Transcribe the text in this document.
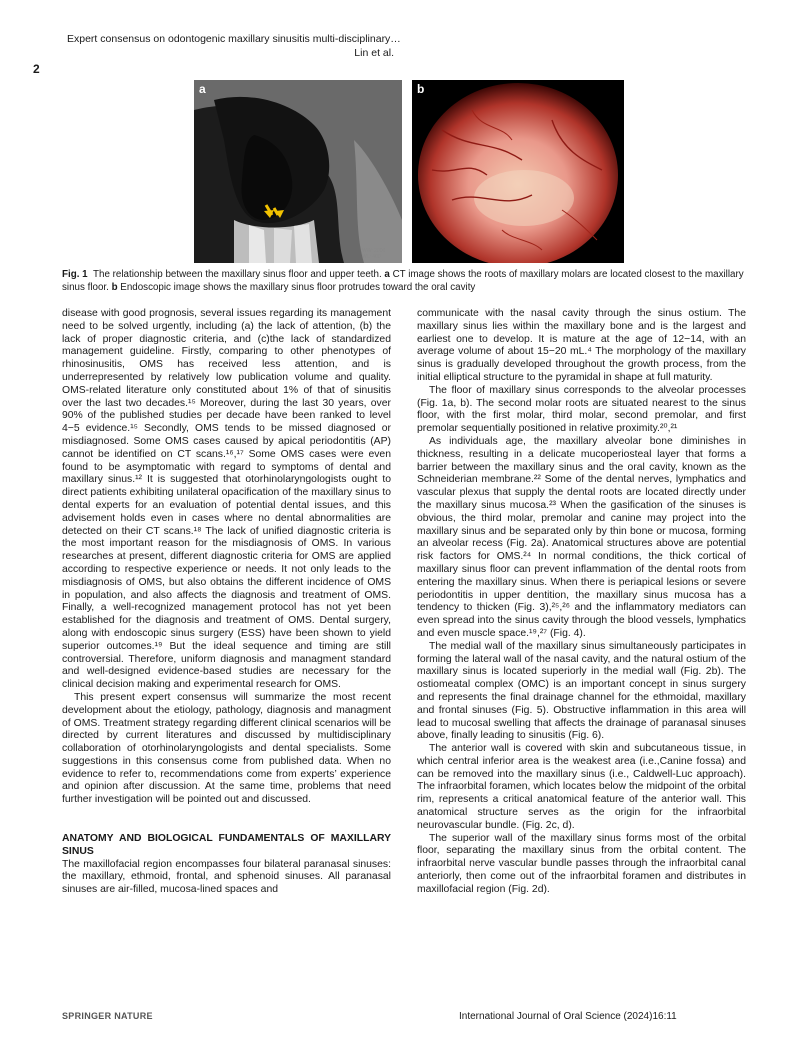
Expert consensus on odontogenic maxillary sinusitis multi-disciplinary…
Lin et al.
2
WW: 2000
WL: 400
a	b
Fig. 1 The relationship between the maxillary sinus floor and upper teeth. a CT image shows the roots of maxillary molars are located closest to the maxillary sinus floor. b Endoscopic image shows the maxillary sinus floor protrudes toward the oral cavity

disease with good prognosis, several issues regarding its management need to be solved urgently, including (a) the lack of attention, (b) the lack of proper diagnostic criteria, and (c)the lack of standardized management guideline. Firstly, comparing to other phenotypes of rhinosinusitis, OMS has received less attention, and is underrepresented by relatively low publication volume and quality. OMS-related literature only constituted about 1% of that of sinusitis over the last two decades.¹⁵ Moreover, during the last 30 years, over 90% of the published studies per decade have been ranked to level 4−5 evidence.¹⁵ Secondly, OMS tends to be missed diagnosed or misdiagnosed. Some OMS cases caused by apical periodontitis (AP) cannot be identified on CT scans.¹⁶,¹⁷ Some OMS cases were even found to be asymptomatic with regard to symptoms of dental and maxillary sinus.¹² It is suggested that otorhinolaryngologists ought to direct patients exhibiting unilateral opacification of the maxillary sinus to dental experts for an evaluation of potential dental issues, and this advisement holds even in cases where no dental abnormalities are detected on their CT scans.¹⁸ The lack of unified diagnostic criteria is the most important reason for the misdiagnosis of OMS. In various researches at present, different diagnostic criteria for OMS are applied according to respective experience or needs. It not only leads to the misdiagnosis of OMS, but also obtains the different incidence of OMS in population, and also affects the diagnosis and treatment of OMS. Finally, a well-recognized management protocol has not yet been established for the diagnosis and treatment of OMS. Dental surgery, along with endoscopic sinus surgery (ESS) have been shown to yield superior outcomes.¹⁹ But the ideal sequence and timing are still controversial. Therefore, uniform diagnosis and managment standard and well-designed evidence-based studies are necessary for the clinical decision making and experimental research for OMS.

This present expert consensus will summarize the most recent development about the etiology, pathology, diagnosis and managment of OMS. Treatment strategy regarding different clinical scenarios will be directed by current literatures and discussed by multidisciplinary collaboration of otorhinolaryngologists and dental specialists. Some suggestions in this consensus come from published data. When no evidence to refer to, recommendations come from experts’ experience and opinion after discussion. At the same time, problems that need further investigation will be pointed out and discussed.

ANATOMY AND BIOLOGICAL FUNDAMENTALS OF MAXILLARY SINUS

The maxillofacial region encompasses four bilateral paranasal sinuses: the maxillary, ethmoid, frontal, and sphenoid sinuses. All paranasal sinuses are air-filled, mucosa-lined spaces and

communicate with the nasal cavity through the sinus ostium. The maxillary sinus lies within the maxillary bone and is the largest and earliest one to develop. It is mature at the age of 12−14, with an average volume of about 15−20 mL.⁴ The morphology of the maxillary sinus is gradually developed throughout the growth process, from the initial elliptical structure to the pyramidal in shape at full maturity.

The floor of maxillary sinus corresponds to the alveolar processes (Fig. 1a, b). The second molar roots are situated nearest to the sinus floor, with the first molar, third molar, second premolar, and first premolar sequentially positioned in relative proximity.²⁰,²¹

As individuals age, the maxillary alveolar bone diminishes in thickness, resulting in a delicate mucoperiosteal layer that forms a barrier between the maxillary sinus and the oral cavity, known as the Schneiderian membrane.²² Some of the dental nerves, lymphatics and vascular plexus that supply the dental roots are located directly under the maxillary sinus mucosa.²³ When the gasification of the sinuses is obvious, the third molar, premolar and canine may project into the maxillary sinus and be separated only by thin bone or mucosa, forming an alveolar recess (Fig. 2a). Anatomical structures above are potential risk factors for OMS.²⁴ In normal conditions, the thick cortical of maxillary sinus floor can prevent inflammation of the dental roots from entering the maxillary sinus. When there is periapical lesions or severe periodontitis in upper dentition, the maxillary sinus mucosa has a tendency to thicken (Fig. 3),²⁵,²⁶ and the inflammatory mediators can even spread into the sinus cavity through the blood vessels, lymphatics and even muscle space.¹⁹,²⁷ (Fig. 4).

The medial wall of the maxillary sinus simultaneously participates in forming the lateral wall of the nasal cavity, and the natural ostium of the maxillary sinus is located superiorly in the medial wall (Fig. 2b). The ostiomeatal complex (OMC) is an important concept in sinus surgery and represents the final drainage channel for the ethmoidal, maxillary and frontal sinuses (Fig. 5). Obstructive inflammation in this area will lead to mucosal swelling that affects the drainage of paranasal sinuses above, finally leading to sinusitis (Fig. 6).

The anterior wall is covered with skin and subcutaneous tissue, in which central inferior area is the weakest area (i.e.,Canine fossa) and can be removed into the maxillary sinus (i.e., Caldwell-Luc approach). The infraorbital foramen, which locates below the midpoint of the orbital rim, represents a critical anatomical feature of the anterior wall. This anatomical structure serves as the origin for the infraorbital neurovascular bundle. (Fig. 2c, d).

The superior wall of the maxillary sinus forms most of the orbital floor, separating the maxillary sinus from the orbital content. The infraorbital nerve vascular bundle passes through the infraorbital canal anteriorly, then come out of the infraorbital foramen and distributes in maxillofacial region (Fig. 2d).

SPRINGER NATURE	International Journal of Oral Science (2024)16:11
